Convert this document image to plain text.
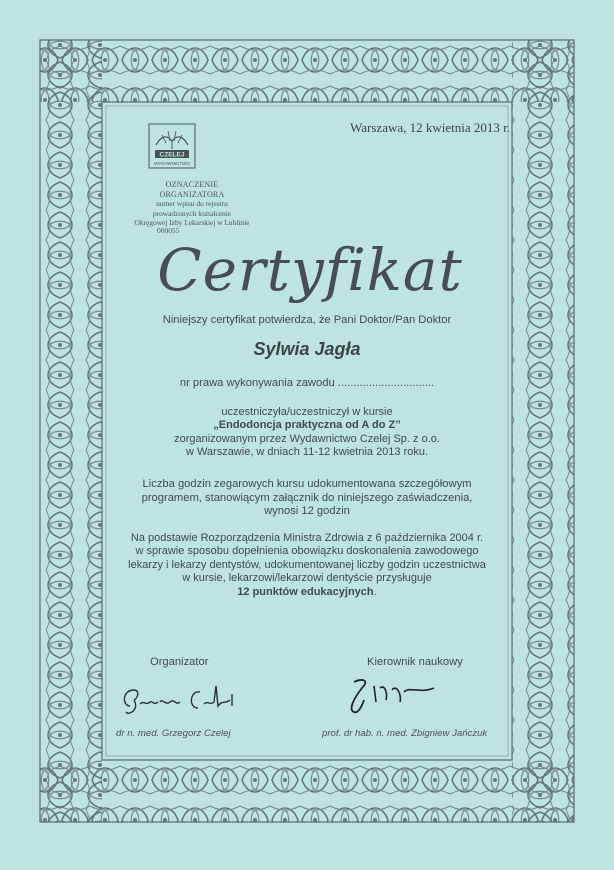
Warszawa, 12 kwietnia 2013 r.
CZELEJ
WYDAWNICTWO
OZNACZENIE ORGANIZATORA
numer wpisu do rejestru
prowadzonych kształcenie
Okręgowej Izby Lekarskiej w Lublinie
000055
Certyfikat
Niniejszy certyfikat potwierdza, że Pani Doktor/Pan Doktor
Sylwia Jagła
nr prawa wykonywania zawodu ...............................
uczestniczyła/uczestniczył w kursie
„Endodoncja praktyczna od A do Z”
zorganizowanym przez Wydawnictwo Czelej Sp. z o.o.
w Warszawie, w dniach 11-12 kwietnia 2013 roku.
Liczba godzin zegarowych kursu udokumentowana szczegółowym
programem, stanowiącym załącznik do niniejszego zaświadczenia,
wynosi 12 godzin
Na podstawie Rozporządzenia Ministra Zdrowia z 6 października 2004 r.
w sprawie sposobu dopełnienia obowiązku doskonalenia zawodowego
lekarzy i lekarzy dentystów, udokumentowanej liczby godzin uczestnictwa
w kursie, lekarzowi/lekarzowi dentyście przysługuje
12 punktów edukacyjnych.
Organizator	Kierownik naukowy
dr n. med. Grzegorz Czelej	prof. dr hab. n. med. Zbigniew Jańczuk
